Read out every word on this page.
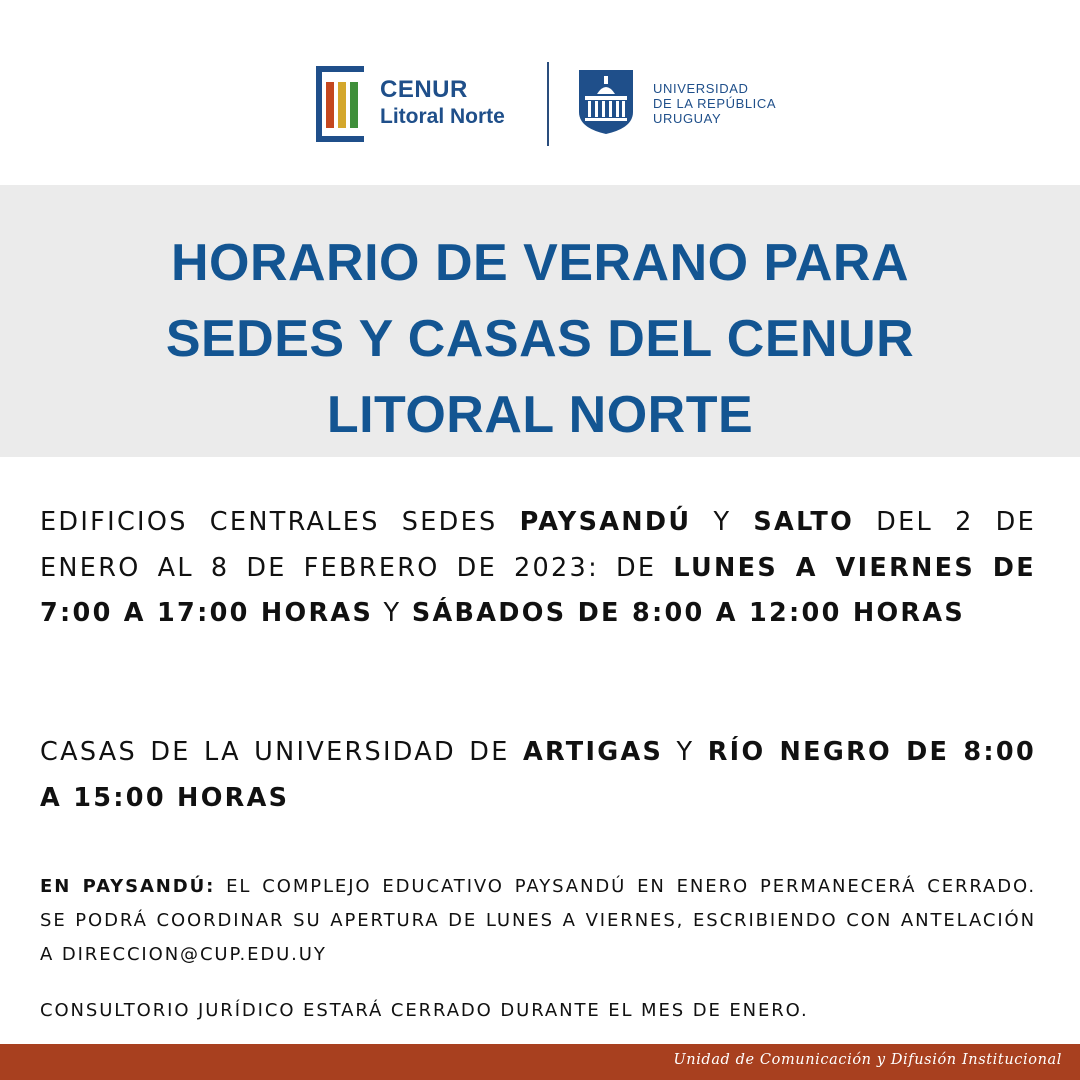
CENUR
Litoral Norte
UNIVERSIDAD
DE LA REPÚBLICA
URUGUAY
HORARIO DE VERANO PARA
SEDES Y CASAS DEL CENUR
LITORAL NORTE
EDIFICIOS CENTRALES SEDES PAYSANDÚ Y SALTO DEL 2 DE ENERO AL 8 DE FEBRERO DE 2023: DE LUNES A VIERNES DE 7:00 A 17:00 HORAS Y SÁBADOS DE 8:00 A 12:00 HORAS
CASAS DE LA UNIVERSIDAD DE ARTIGAS Y RÍO NEGRO DE 8:00 A 15:00 HORAS
EN PAYSANDÚ: EL COMPLEJO EDUCATIVO PAYSANDÚ EN ENERO PERMANECERÁ CERRADO. SE PODRÁ COORDINAR SU APERTURA DE LUNES A VIERNES, ESCRIBIENDO CON ANTELACIÓN A DIRECCION@CUP.EDU.UY
CONSULTORIO JURÍDICO ESTARÁ CERRADO DURANTE EL MES DE ENERO.
Unidad de Comunicación y Difusión Institucional
